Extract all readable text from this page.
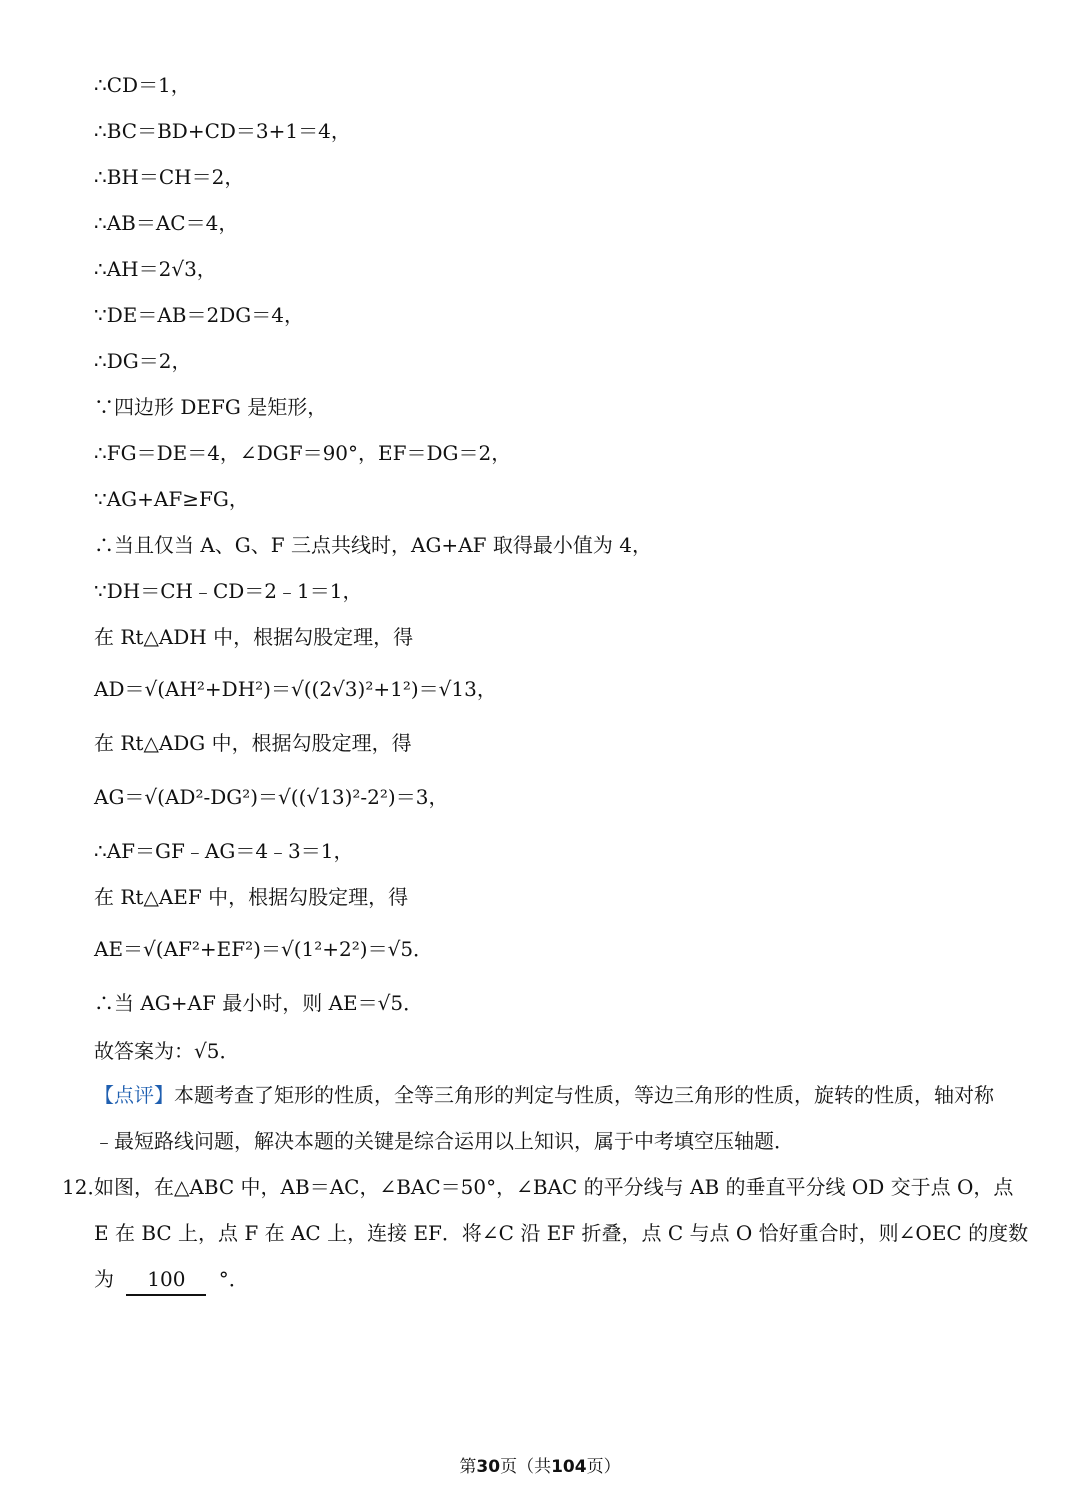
∴CD＝1，
∴BC＝BD+CD＝3+1＝4，
∴BH＝CH＝2，
∴AB＝AC＝4，
∴AH＝2√3，
∵DE＝AB＝2DG＝4，
∴DG＝2，
∵四边形 DEFG 是矩形，
∴FG＝DE＝4，∠DGF＝90°，EF＝DG＝2，
∵AG+AF≥FG，
∴当且仅当 A、G、F 三点共线时，AG+AF 取得最小值为 4，
∵DH＝CH﹣CD＝2﹣1＝1，
在 Rt△ADH 中，根据勾股定理，得
AD＝√(AH²+DH²)＝√((2√3)²+1²)＝√13，
在 Rt△ADG 中，根据勾股定理，得
AG＝√(AD²-DG²)＝√((√13)²-2²)＝3，
∴AF＝GF﹣AG＝4﹣3＝1，
在 Rt△AEF 中，根据勾股定理，得
AE＝√(AF²+EF²)＝√(1²+2²)＝√5．
∴当 AG+AF 最小时，则 AE＝√5．
故答案为：√5．
【点评】本题考查了矩形的性质，全等三角形的判定与性质，等边三角形的性质，旋转的性质，轴对称
﹣最短路线问题，解决本题的关键是综合运用以上知识，属于中考填空压轴题．
12．
如图，在△ABC 中，AB＝AC，∠BAC＝50°，∠BAC 的平分线与 AB 的垂直平分线 OD 交于点 O，点
E 在 BC 上，点 F 在 AC 上，连接 EF．将∠C 沿 EF 折叠，点 C 与点 O 恰好重合时，则∠OEC 的度数
为 100 °．
第30页（共104页）
